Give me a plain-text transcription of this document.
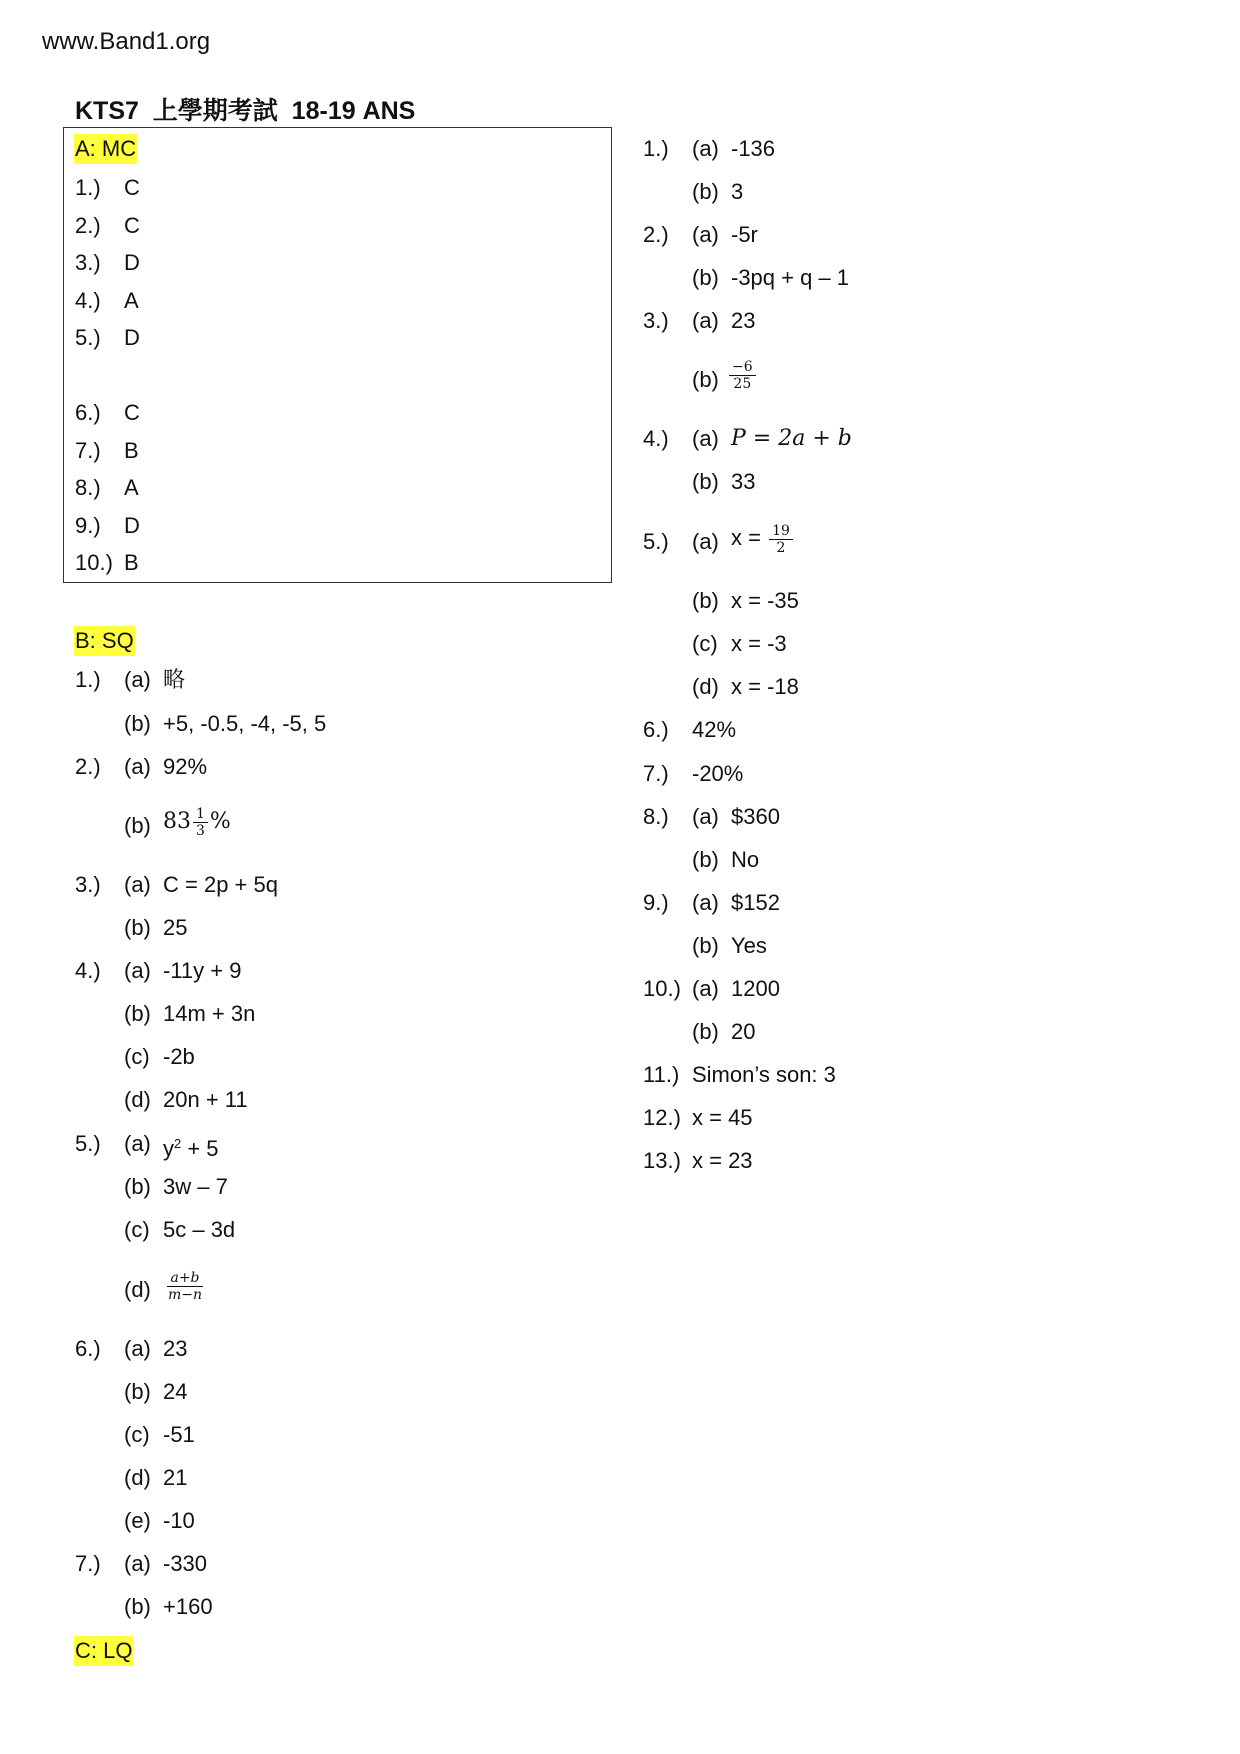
www.Band1.org
KTS7  上學期考試  18-19 ANS
A: MC
1.) C
2.) C
3.) D
4.) A
5.) D
6.) C
7.) B
8.) A
9.) D
10.) B
B: SQ
1.) (a) 略
(b) +5, -0.5, -4, -5, 5
2.) (a) 92%
(b) $83 \frac{1}{3}$ %
3.) (a) C = 2p + 5q
(b) 25
4.) (a) -11y + 9
(b) 14m + 3n
(c) -2b
(d) 20n + 11
5.) (a) $y^2 + 5$
(b) 3w – 7
(c) 5c – 3d
$(d) \frac{a+b}{m-n}$
6.) (a) 23
(b) 24
(c) -51
(d) 21
(e) -10
7.) (a) -330
(b) +160
C: LQ
1.) (a) -136
(b) 3
2.) (a) -5r
(b) -3pq + q – 1
3.) (a) 23
$(b) \frac{-6}{25}$
4.) (a) P = 2a + b
(b) 33
5.) (a) $x = \frac{19}{2}$
(b) x = -35
(c) x = -3
(d) x = -18
6.) 42%
7.) -20%
8.) (a) $360
(b) No
9.) (a) $152
(b) Yes
10.) (a) 1200
(b) 20
11.) Simon’s son: 3
12.) x = 45
13.) x = 23
